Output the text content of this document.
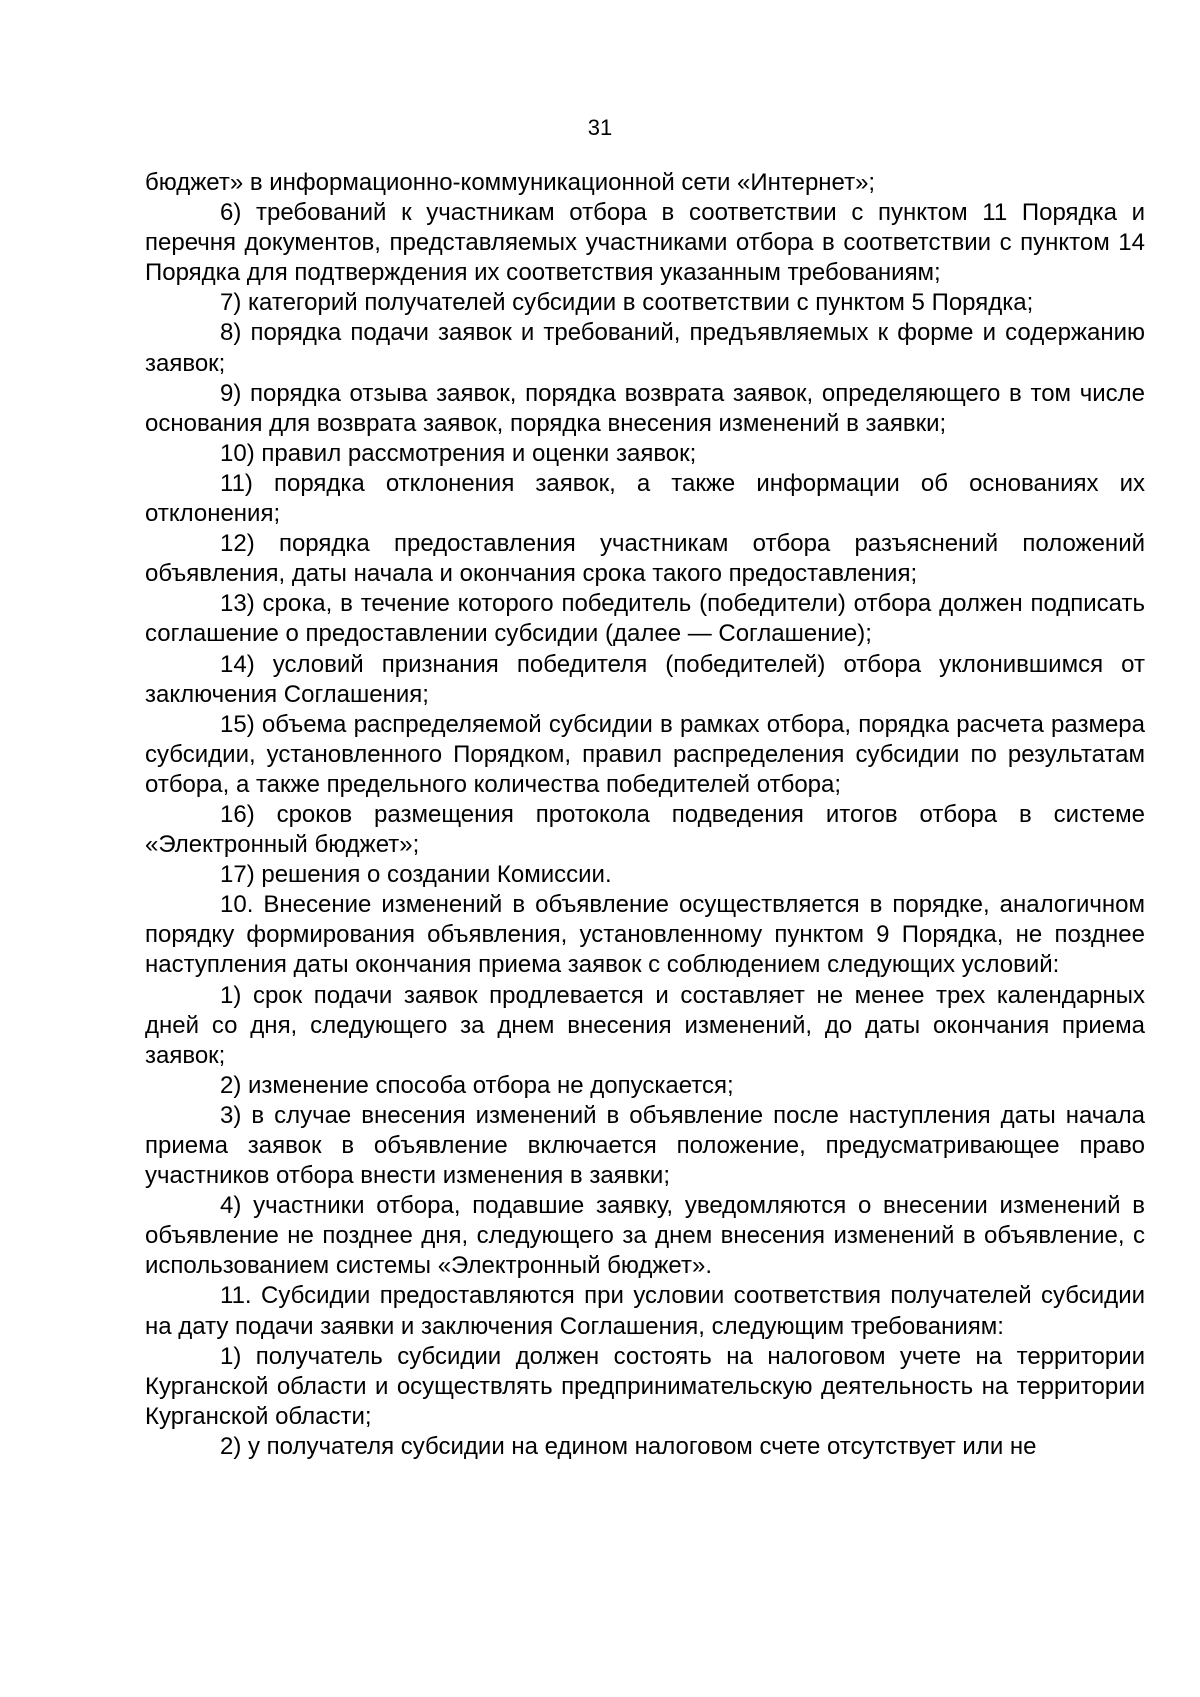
31

бюджет» в информационно-коммуникационной сети «Интернет»;

6) требований к участникам отбора в соответствии с пунктом 11 Порядка и перечня документов, представляемых участниками отбора в соответствии с пунктом 14 Порядка для подтверждения их соответствия указанным требованиям;

7) категорий получателей субсидии в соответствии с пунктом 5 Порядка;

8) порядка подачи заявок и требований, предъявляемых к форме и содержанию заявок;

9) порядка отзыва заявок, порядка возврата заявок, определяющего в том числе основания для возврата заявок, порядка внесения изменений в заявки;

10) правил рассмотрения и оценки заявок;

11) порядка отклонения заявок, а также информации об основаниях их отклонения;

12) порядка предоставления участникам отбора разъяснений положений объявления, даты начала и окончания срока такого предоставления;

13) срока, в течение которого победитель (победители) отбора должен подписать соглашение о предоставлении субсидии (далее — Соглашение);

14) условий признания победителя (победителей) отбора уклонившимся от заключения Соглашения;

15) объема распределяемой субсидии в рамках отбора, порядка расчета размера субсидии, установленного Порядком, правил распределения субсидии по результатам отбора, а также предельного количества победителей отбора;

16) сроков размещения протокола подведения итогов отбора в системе «Электронный бюджет»;

17) решения о создании Комиссии.

10. Внесение изменений в объявление осуществляется в порядке, аналогичном порядку формирования объявления, установленному пунктом 9 Порядка, не позднее наступления даты окончания приема заявок с соблюдением следующих условий:

1) срок подачи заявок продлевается и составляет не менее трех календарных дней со дня, следующего за днем внесения изменений, до даты окончания приема заявок;

2) изменение способа отбора не допускается;

3) в случае внесения изменений в объявление после наступления даты начала приема заявок в объявление включается положение, предусматривающее право участников отбора внести изменения в заявки;

4) участники отбора, подавшие заявку, уведомляются о внесении изменений в объявление не позднее дня, следующего за днем внесения изменений в объявление, с использованием системы «Электронный бюджет».

11. Субсидии предоставляются при условии соответствия получателей субсидии на дату подачи заявки и заключения Соглашения, следующим требованиям:

1) получатель субсидии должен состоять на налоговом учете на территории Курганской области и осуществлять предпринимательскую деятельность на территории Курганской области;

2) у получателя субсидии на едином налоговом счете отсутствует или не
